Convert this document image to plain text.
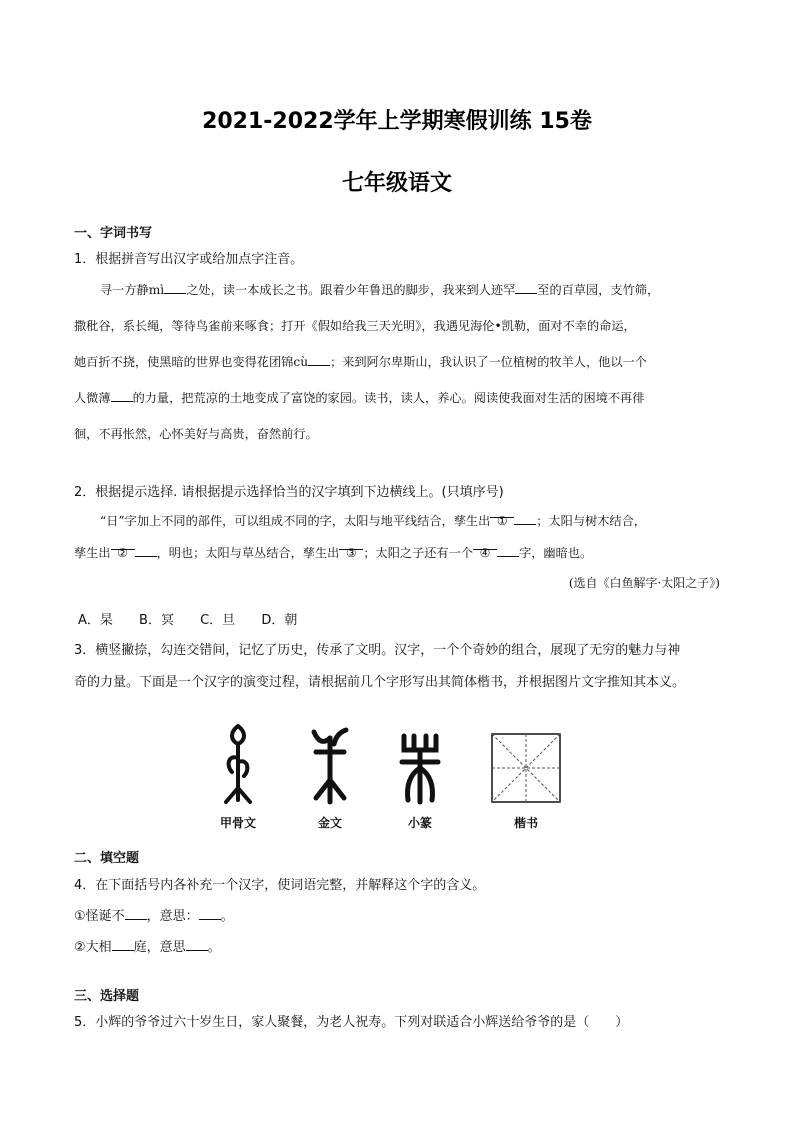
2021-2022学年上学期寒假训练 15卷
七年级语文
一、字词书写
1．根据拼音写出汉字或给加点字注音。
寻一方静mì 之处，读一本成长之书。跟着少年鲁迅的脚步，我来到人迹罕 至的百草园，支竹筛，
撒秕谷，系长绳，等待鸟雀前来啄食；打开《假如给我三天光明》，我遇见海伦•凯勒，面对不幸的命运，
她百折不挠，使黑暗的世界也变得花团锦cù ；来到阿尔卑斯山，我认识了一位植树的牧羊人，他以一个
人微薄 的力量，把荒凉的土地变成了富饶的家园。读书，读人，养心。阅读使我面对生活的困境不再徘
徊，不再怅然，心怀美好与高贵，奋然前行。
2．根据提示选择. 请根据提示选择恰当的汉字填到下边横线上。(只填序号)
“日”字加上不同的部件，可以组成不同的字，太阳与地平线结合，孳生出 ① ；太阳与树木结合，
孳生出 ② ，明也；太阳与草丛结合，孳生出 ③ ；太阳之子还有一个 ④ 字，幽暗也。
(选自《白鱼解字·太阳之子》)
A．杲 B．冥 C．旦 D．朝
3．横竖撇捺，勾连交错间，记忆了历史，传承了文明。汉字，一个个奇妙的组合，展现了无穷的魅力与神
奇的力量。下面是一个汉字的演变过程，请根据前几个字形写出其简体楷书，并根据图片文字推知其本义。
甲骨文	金文	小篆	楷书
二、填空题
4．在下面括号内各补充一个汉字，使词语完整，并解释这个字的含义。
①怪诞不 ，意思： 。
②大相 庭，意思 。
三、选择题
5．小辉的爷爷过六十岁生日，家人聚餐，为老人祝寿。下列对联适合小辉送给爷爷的是（　　）
